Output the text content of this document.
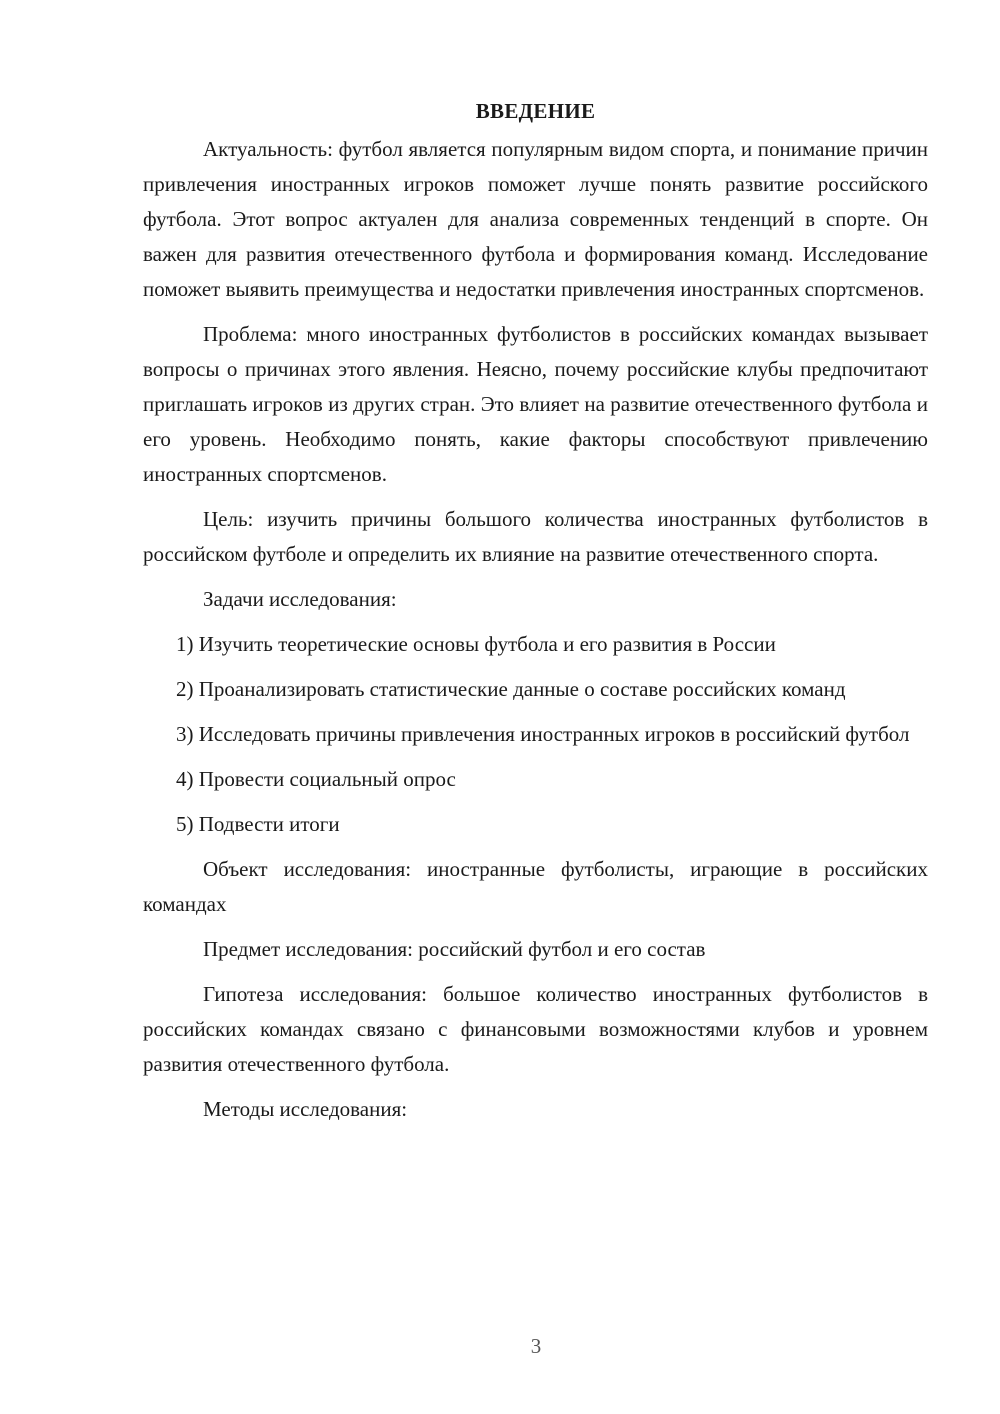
ВВЕДЕНИЕ

Актуальность: футбол является популярным видом спорта, и понимание причин привлечения иностранных игроков поможет лучше понять развитие российского футбола. Этот вопрос актуален для анализа современных тенденций в спорте. Он важен для развития отечественного футбола и формирования команд. Исследование поможет выявить преимущества и недостатки привлечения иностранных спортсменов.

Проблема: много иностранных футболистов в российских командах вызывает вопросы о причинах этого явления. Неясно, почему российские клубы предпочитают приглашать игроков из других стран. Это влияет на развитие отечественного футбола и его уровень. Необходимо понять, какие факторы способствуют привлечению иностранных спортсменов.

Цель: изучить причины большого количества иностранных футболистов в российском футболе и определить их влияние на развитие отечественного спорта.

Задачи исследования:

1) Изучить теоретические основы футбола и его развития в России

2) Проанализировать статистические данные о составе российских команд

3) Исследовать причины привлечения иностранных игроков в российский футбол

4) Провести социальный опрос

5) Подвести итоги

Объект исследования: иностранные футболисты, играющие в российских командах

Предмет исследования: российский футбол и его состав

Гипотеза исследования: большое количество иностранных футболистов в российских командах связано с финансовыми возможностями клубов и уровнем развития отечественного футбола.

Методы исследования:

3
